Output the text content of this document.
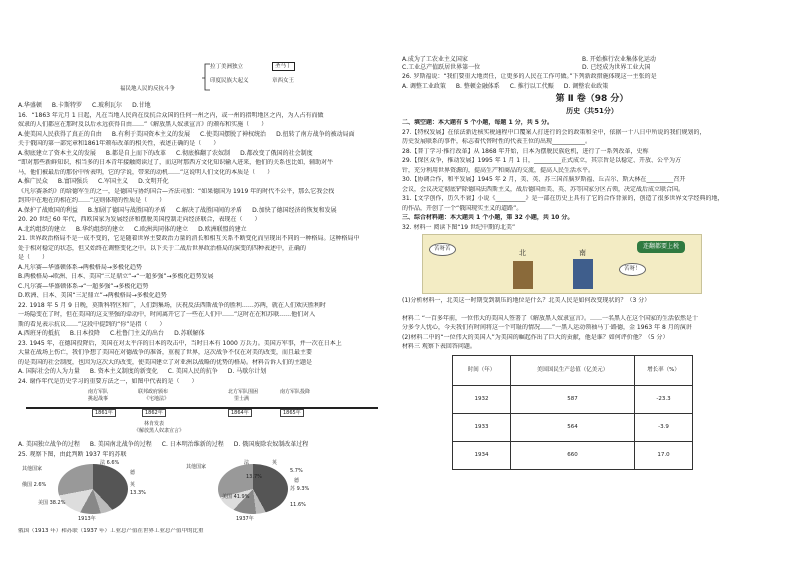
福民地人民的反抗斗争
拉丁美洲独立
印度民族大起义
圣马丁
章西女王
A.华盛顿 B.卡斯特罗 C.玻利瓦尔 D.甘地
16．“1863 年元月 1 日起，凡在当地人民尚在反抗合众国的任何一州之内，或一州的指明地区之内，为人占有而做
奴隶的人们都应在那时及以后永远获得自由……”《解放黑人奴隶宣言》的颁布和实施（　　）
A.使美国人民获得了真正的自由 B.有利于美国资本主义的发展 C.使美国摆脱了神权统治 D.扭转了南方战争的被动局面
关于俄国的第一部宪章和1861年颁布改革的相关性，表述正确的是（　　）
A.彻底建立了资本主义的发展 B.都是自上而下的改革 C.彻底推翻了农奴制 D.都改变了俄国的社会制度
“即对那些新鲜知识，相当多的日本青年接触阅读过了，而这时那西方文化知识输入进来，他们的关系也比如，辅助对牛
马，他们被最后的那份中所表明，它的学说，带来的动机……”这说明人们文化的本质是（　　）
A.推广民众 B.富国强兵 C.军国主义 D.文明开化
《凡尔赛条约》的给德军生的之一，是德国与协约国合—齐法司加：“如果德国为 1919 年的时代不公平，那么它我会找
到其中在地在的相在约……”这则体现的性质是（　　）
A.保护了战败国的利益 B.加剧了德国与战胜国的矛盾 C.解决了战胜国间的矛盾 D.加快了德国经济的恢复和发展
20. 20 世纪 60 年代，西欧国家为发展经济和摆脱美国控制走向经济联合，表现在（　　）
A.北约组织的建立 B.华约组织的建立 C.欧洲共同体的建立 D.欧洲联盟的建立
21. 世界政治格局不是一成不变的，它是随着世界主要政治力量的消长和相互关系不断变化而呈现出不同的一种格局。这种格局中
处于相对稳定的状态，但又始终在调整变化之中。以下关于二战后世界政治格局的演变的四种表述中，正确的
是（　　）
A.凡尔赛—华盛顿体系→两极格局→多极化趋势
B.两极格局→欧洲、日本、美国“三足鼎立”→“一超多强”→多极化趋势发展
C.凡尔赛—华盛顿体系→“一超多强”→多极化趋势
D.欧洲、日本、美国“三足鼎立”→两极格局→多极化趋势
22. 1918 年 5 月 9 日晚，莫斯科特区和广，人们到集场，庆祝反法西斯战争的胜利……苏两，就在人们欢庆胜利时
一场隐变在了时，但在美国的这支坚强的牵动中，时间离开它了一些在人们中……”这时在在和苏联……他们对入
斯的看见表示抗议……”这段中提到的“你”是指（　　）
A.西班牙的抵抗 B.日本投降 C.杜鲁门主义的出台 D.苏联解体
23. 1945 年，在德国投降后，美国在对太平洋的日本的攻击中，当时日本有 1000 万兵力。美国方军事，并一次在日本上
大量在战场上伤亡，我们争想了美国在对德战争的准备，重视了世界，这次战争不仅在对美的改变，而且最主要
的是美国的社会制度，也因为这次大的改变，使美国建立了对亚洲以战略的优势的格局。材料告诉人们的主题是
A. 国际社会的人为力量 B. 资本主义制度的新变化 C. 美国人民的抗争 D. 马歇尔计划
24. 谢作年代是历史学习的重要方法之一，如图中代表的是（　　）
南方军队
挑起战事
联邦政府颁布
《宅地法》
北方军队围困
里士满
南方军队投降
1861年	1862年	1864年	1865年
林肯发表
《解放黑人奴隶宣言》
A. 美国独立战争的过程 B. 美国南北战争的过程 C. 日本明治维新的过程 D. 俄国废除农奴制改革过程
25. 观察下图，由此判断 1937 年的苏联
其他国家
法 6.6%
德
英
13.3%
俄国 2.6%
美国 38.2%
1913年
其他国家
法	英
5.7%
德
苏 9.3%
13.7%
美国 41.9%
11.6%
1937年
俄国（1913 年）和苏联（1937 年）工业总产值在世界工业总产值中的比重
A.成为了工农业主义国家	B. 开始推行农业集体化运动
C.工业总产值跃居世界第一位	D. 已经成为世界工业大国
26. 罗斯福说：“我们要重大地责任，让更多的人民在工作可做。”下列新政措施体现这一主张的是
A. 调整工业政策 B. 整顿金融体系 C. 推行以工代赈 D. 调整农业政策
第 Ⅱ 卷（98 分）
历史（共51分）
二、填空题：本大题有 5 个小题，每题 1 分，共 5 分。
27.【特权发展】在依法新近核实税通程中口覆案人打进行的会的政策和全中，依据一十八日中所说的我们规划的，
历史发展联系的事件，标志着代替时性的代表王位的出现___________。
28.【普丁学习·推行改革】从 1868 年开始，日本为摆脱民族危机，进行了一系列改革，史称
29.【保区众争，推动发展】1995 年 1 月 1 日，_________正式成立，其宗旨是以稳定、开放、公平为方
针，充分利用世界资源的，提高生产和商品的交流，提高人民生活水平。
30.【协调合作，和平发展】1945 年 2 月，美、英、苏三国首脑罗斯福、丘吉尔、斯大林在_________召开
会议，会议决定彻底铲除德国法西斯主义，战后德国由美、英、苏等国家分区占领，决定战后成立联合国。
31.【文学创作，历久不衰】小说《__________》是一部在历史上具有了它的合作背景的，创造了很多世界文学经典的地，
的作品，开创了一个“俄国现实主义的道路”。
三、综合材料题：本大题共 1 个小题，第 32 小题，共 10 分。
32. 材料一 阅读下图“19 世纪中期的北美”
苦呀苦	北	南
连翻都要上税
苦呀！
(1)分析材料一，北美这一时期受到制压的地位是什么？北美人民是如何改变现状的？（3 分）
材料二 “一百多年前，一位伟大的美国人签署了《解放黑人奴隶宣言》。……一名黑人在这个国家的生活依然是十
分多令人忧心，今天我们有时间将这一个可耻的情况……”一黑人运动领袖马丁·路德，金 1963 年 8 月的演讲
(2)材料二中的“一位伟大的美国人”为美国的崛起作出了巨大的贡献，他是谁？如何评价他？（5 分）
材料三 观察下表回答问题。
时间（年）	美国国民生产总值（亿美元）	增长率（%）
1932	587	-23.3
1933	564	-3.9
1934	660	17.0
